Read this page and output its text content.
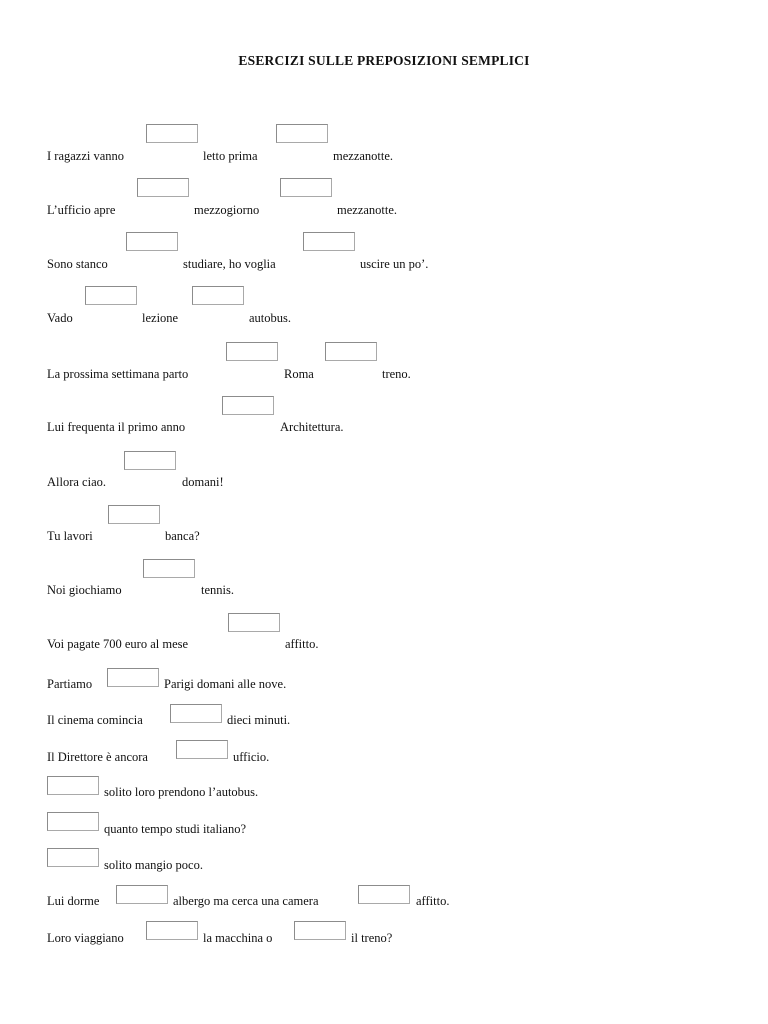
ESERCIZI SULLE PREPOSIZIONI SEMPLICI
I ragazzi vanno	letto prima	mezzanotte.
L’ufficio apre	mezzogiorno	mezzanotte.
Sono stanco	studiare, ho voglia	uscire un po’.
Vado	lezione	autobus.
La prossima settimana parto	Roma	treno.
Lui frequenta il primo anno	Architettura.
Allora ciao.	domani!
Tu lavori	banca?
Noi giochiamo	tennis.
Voi pagate 700 euro al mese	affitto.
Partiamo	Parigi domani alle nove.
Il cinema comincia	dieci minuti.
Il Direttore è ancora	ufficio.
solito loro prendono l’autobus.
quanto tempo studi italiano?
solito mangio poco.
Lui dorme	albergo ma cerca una camera	affitto.
Loro viaggiano	la macchina o	il treno?
